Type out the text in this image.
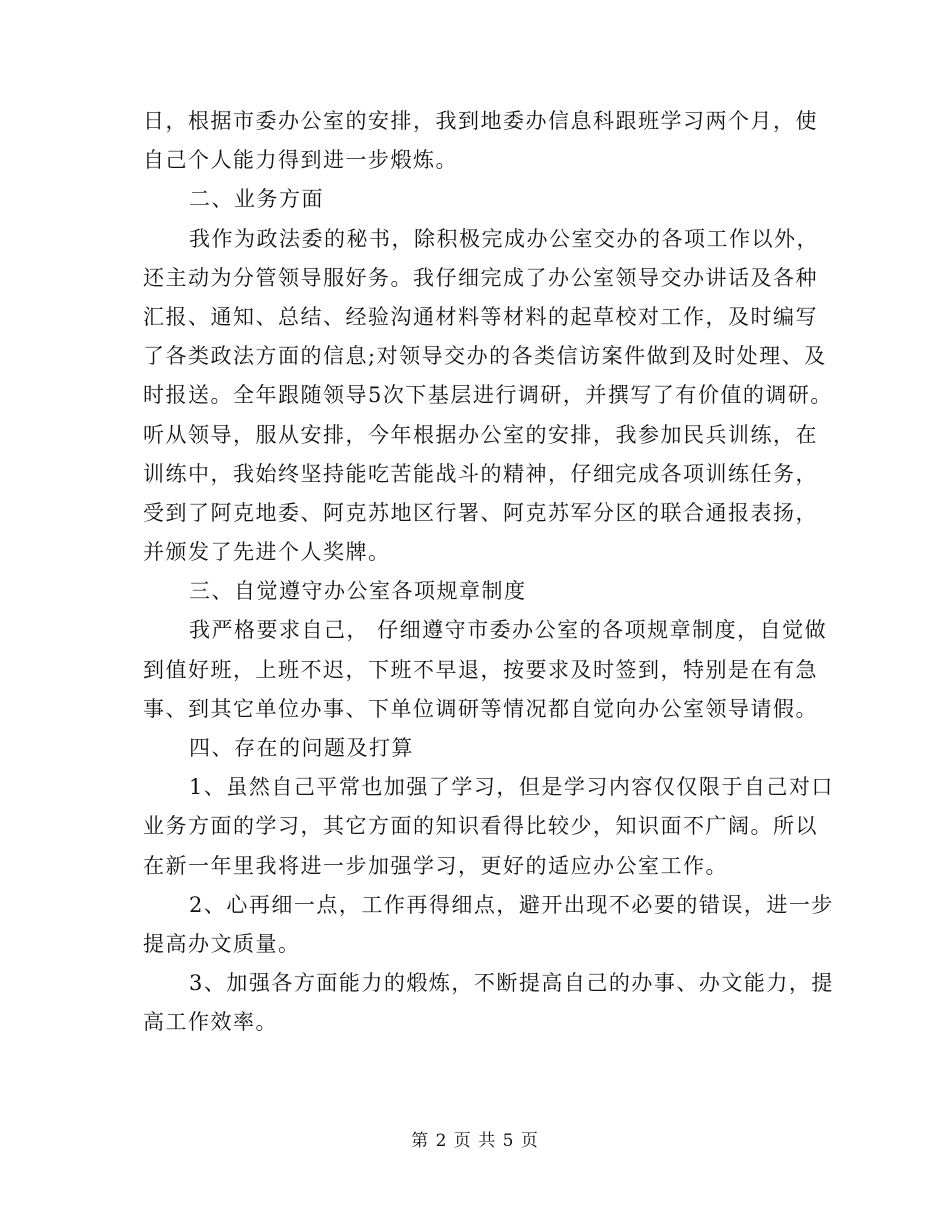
日，根据市委办公室的安排，我到地委办信息科跟班学习两个月，使
自己个人能力得到进一步煅炼。
二、业务方面
我作为政法委的秘书，除积极完成办公室交办的各项工作以外，
还主动为分管领导服好务。我仔细完成了办公室领导交办讲话及各种
汇报、通知、总结、经验沟通材料等材料的起草校对工作，及时编写
了各类政法方面的信息;对领导交办的各类信访案件做到及时处理、及
时报送。全年跟随领导5次下基层进行调研，并撰写了有价值的调研。
听从领导，服从安排，今年根据办公室的安排，我参加民兵训练，在
训练中，我始终坚持能吃苦能战斗的精神，仔细完成各项训练任务，
受到了阿克地委、阿克苏地区行署、阿克苏军分区的联合通报表扬，
并颁发了先进个人奖牌。
三、自觉遵守办公室各项规章制度
我严格要求自己， 仔细遵守市委办公室的各项规章制度，自觉做
到值好班，上班不迟，下班不早退，按要求及时签到，特别是在有急
事、到其它单位办事、下单位调研等情况都自觉向办公室领导请假。
四、存在的问题及打算
1、虽然自己平常也加强了学习，但是学习内容仅仅限于自己对口
业务方面的学习，其它方面的知识看得比较少，知识面不广阔。所以
在新一年里我将进一步加强学习，更好的适应办公室工作。
2、心再细一点，工作再得细点，避开出现不必要的错误，进一步
提高办文质量。
3、加强各方面能力的煅炼，不断提高自己的办事、办文能力，提
高工作效率。
第 2 页 共 5 页
